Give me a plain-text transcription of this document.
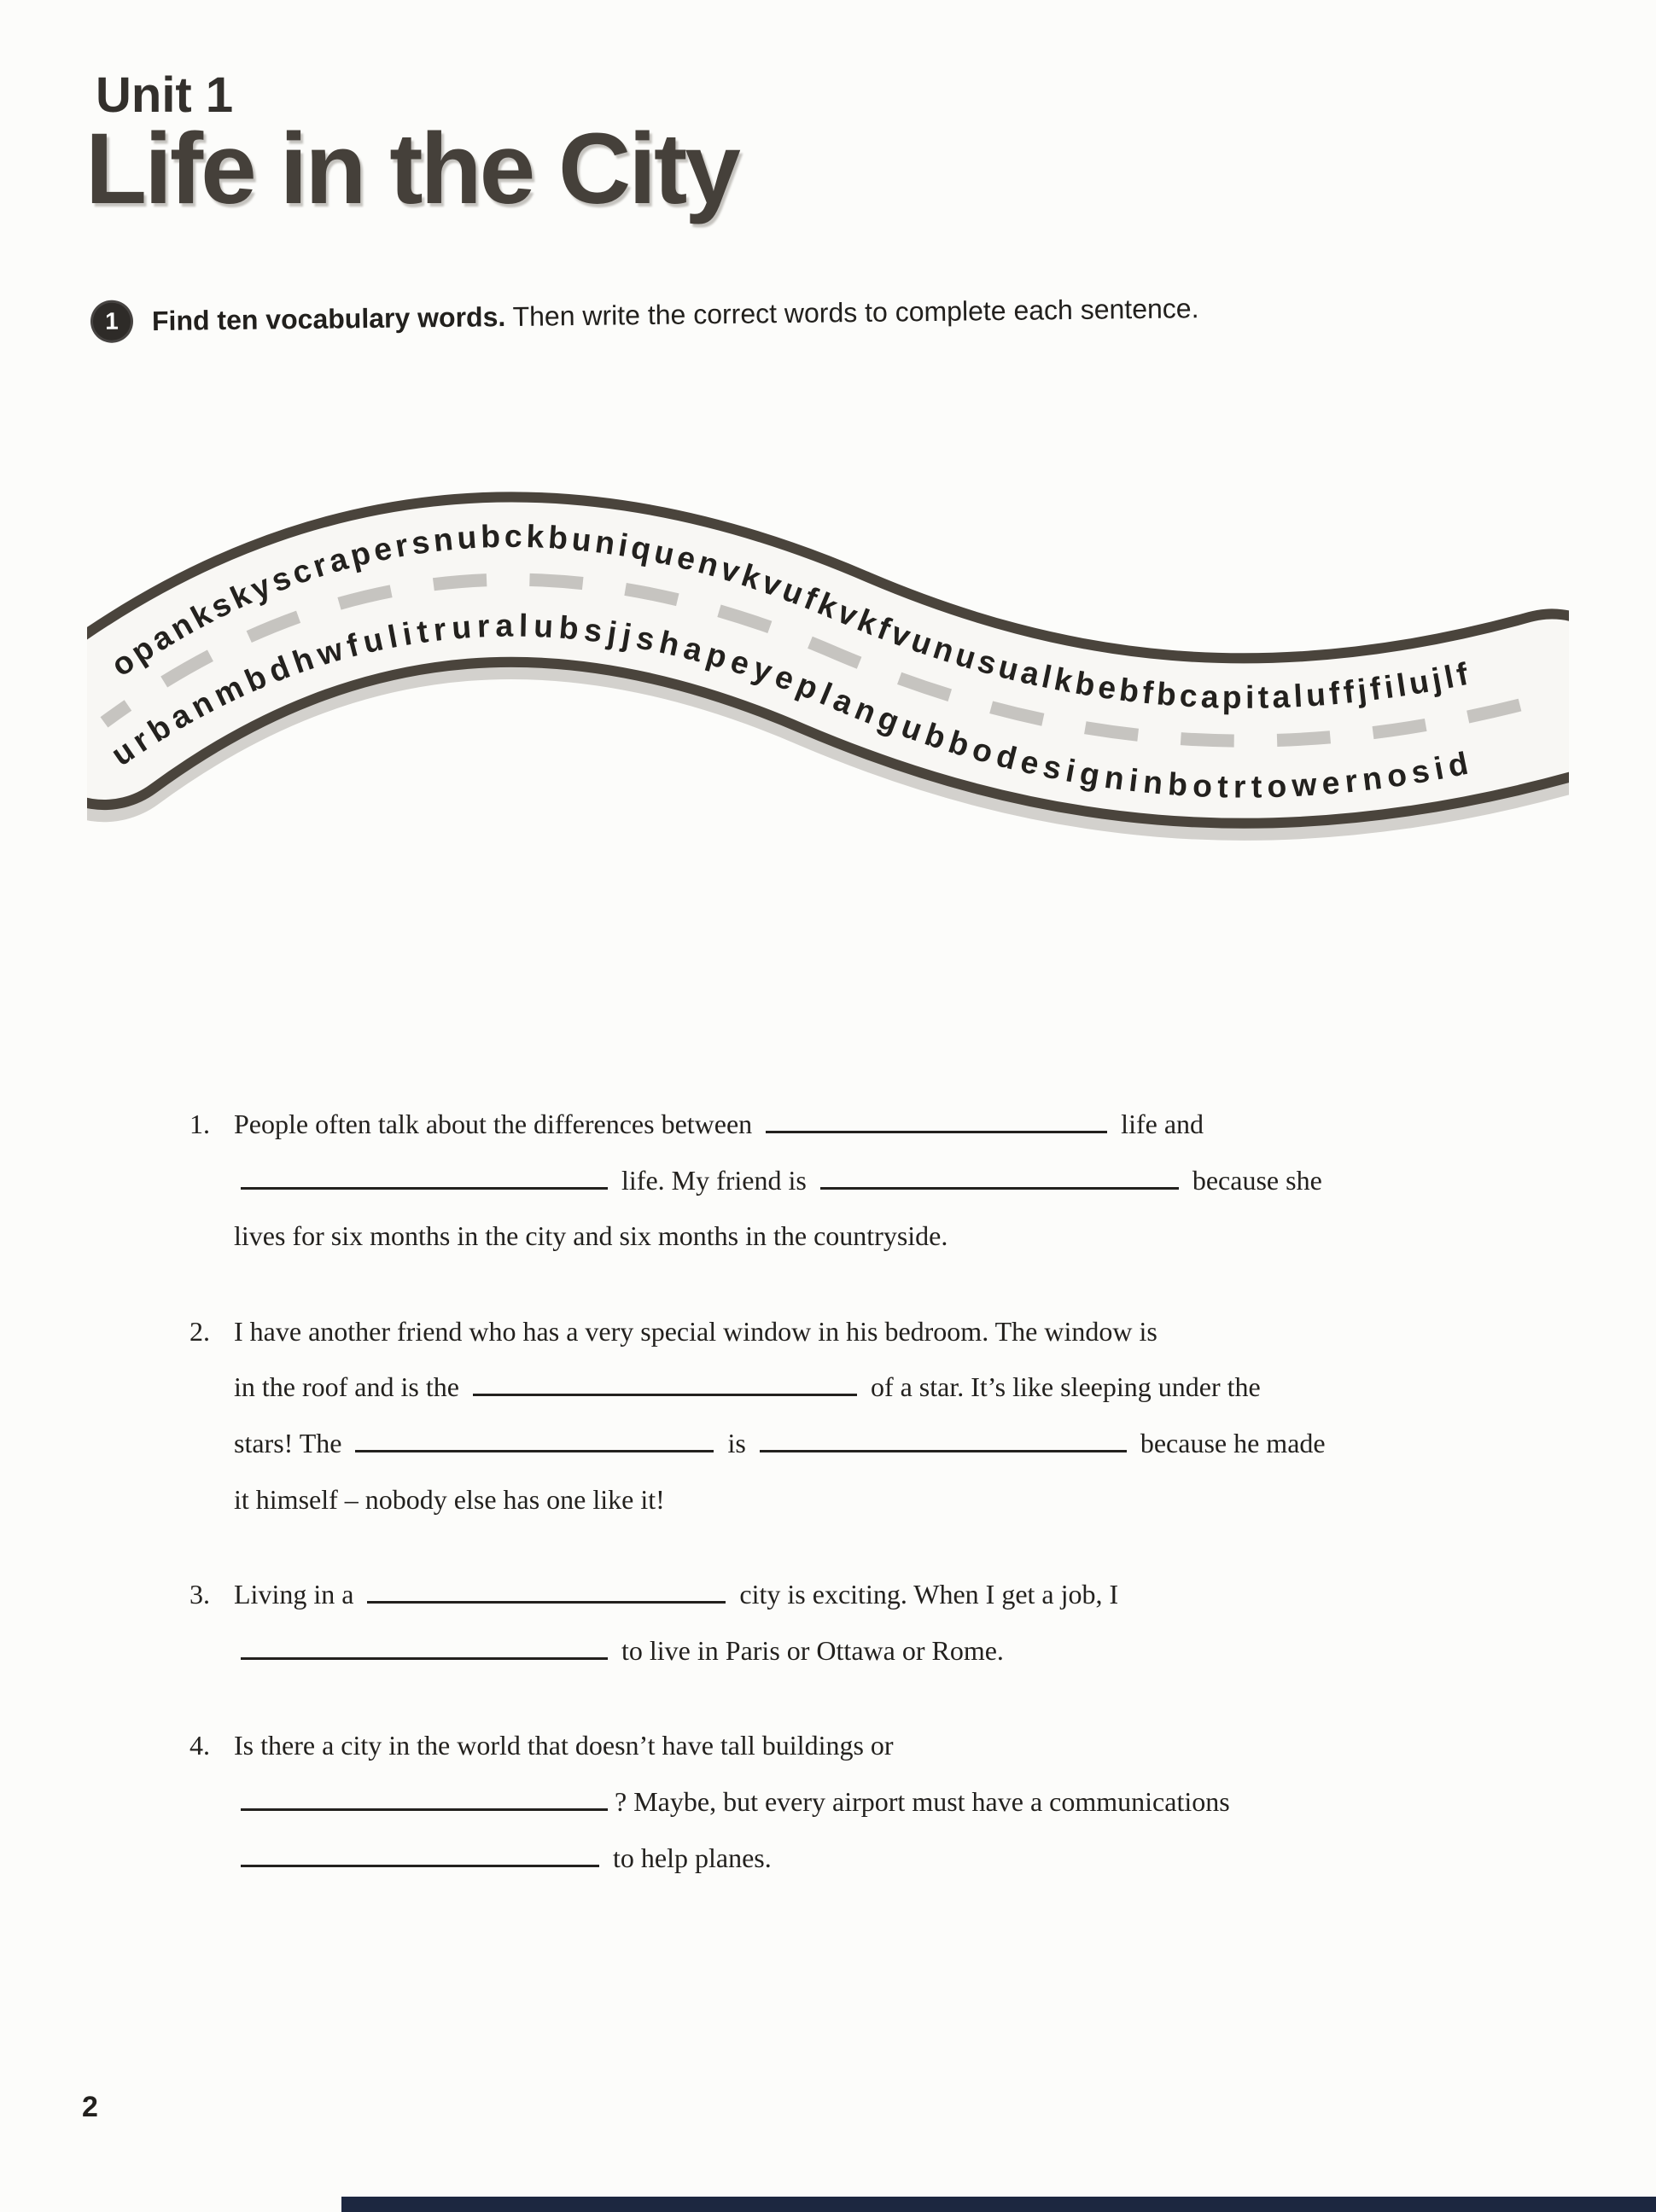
Unit 1
Life in the City
1 Find ten vocabulary words. Then write the correct words to complete each sentence.
opankskyscrapersnubckbuniquenvkvufkvkfvunusualkbebfbcapitaluffjfilujlf
urbanmbdhwfulitruralubsjjshapeyeplangubbodesigninbotrtowernosid
1. People often talk about the differences between	life and
life. My friend is	because she
lives for six months in the city and six months in the countryside.
2. I have another friend who has a very special window in his bedroom. The window is
in the roof and is the	of a star. It’s like sleeping under the
stars! The	is	because he made
it himself – nobody else has one like it!
3. Living in a	city is exciting. When I get a job, I
to live in Paris or Ottawa or Rome.
4. Is there a city in the world that doesn’t have tall buildings or
? Maybe, but every airport must have a communications
to help planes.
2
